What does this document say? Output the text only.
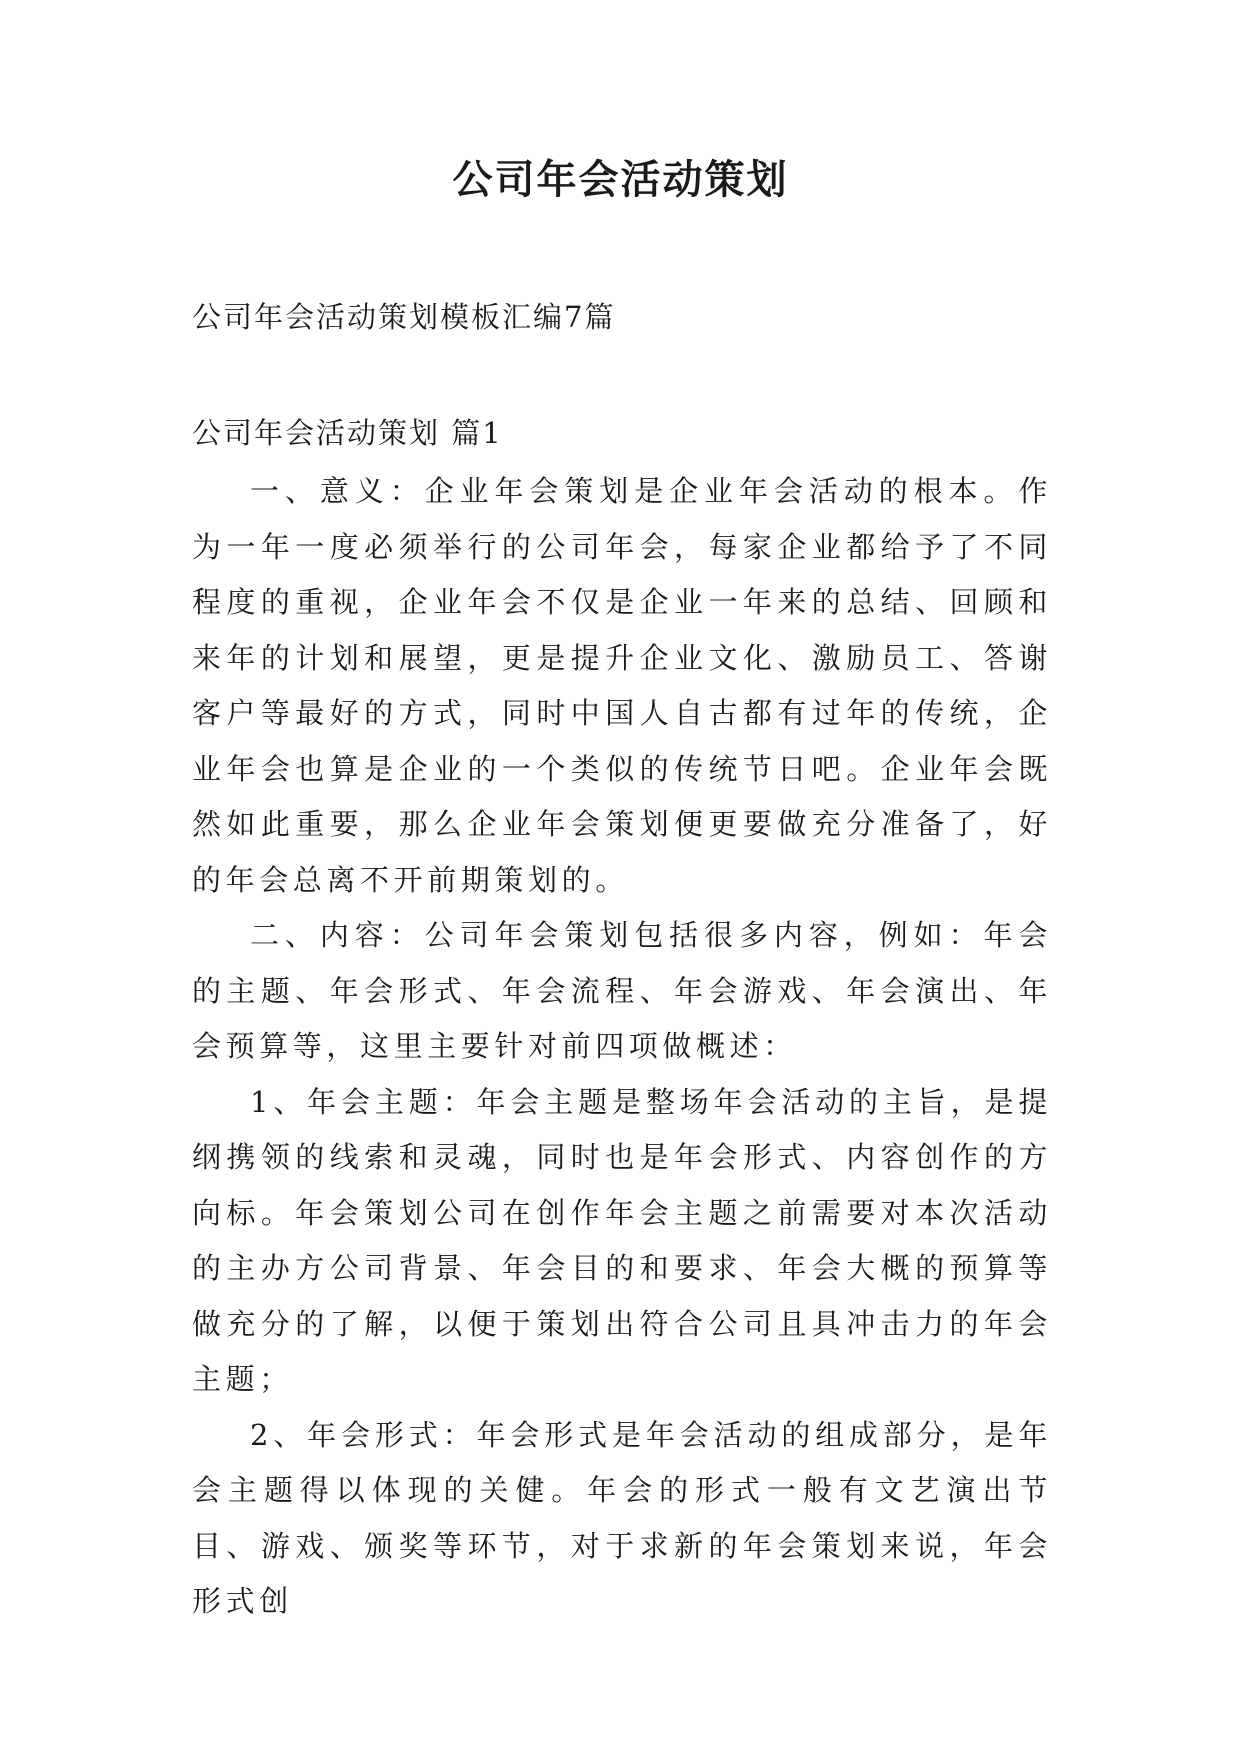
公司年会活动策划

公司年会活动策划模板汇编7篇

公司年会活动策划 篇1

一、意义：企业年会策划是企业年会活动的根本。作为一年一度必须举行的公司年会，每家企业都给予了不同程度的重视，企业年会不仅是企业一年来的总结、回顾和来年的计划和展望，更是提升企业文化、激励员工、答谢客户等最好的方式，同时中国人自古都有过年的传统，企业年会也算是企业的一个类似的传统节日吧。企业年会既然如此重要，那么企业年会策划便更要做充分准备了，好的年会总离不开前期策划的。

二、内容：公司年会策划包括很多内容，例如：年会的主题、年会形式、年会流程、年会游戏、年会演出、年会预算等，这里主要针对前四项做概述：

1、年会主题：年会主题是整场年会活动的主旨，是提纲携领的线索和灵魂，同时也是年会形式、内容创作的方向标。年会策划公司在创作年会主题之前需要对本次活动的主办方公司背景、年会目的和要求、年会大概的预算等做充分的了解，以便于策划出符合公司且具冲击力的年会主题；

2、年会形式：年会形式是年会活动的组成部分，是年会主题得以体现的关健。年会的形式一般有文艺演出节目、游戏、颁奖等环节，对于求新的年会策划来说，年会形式创
